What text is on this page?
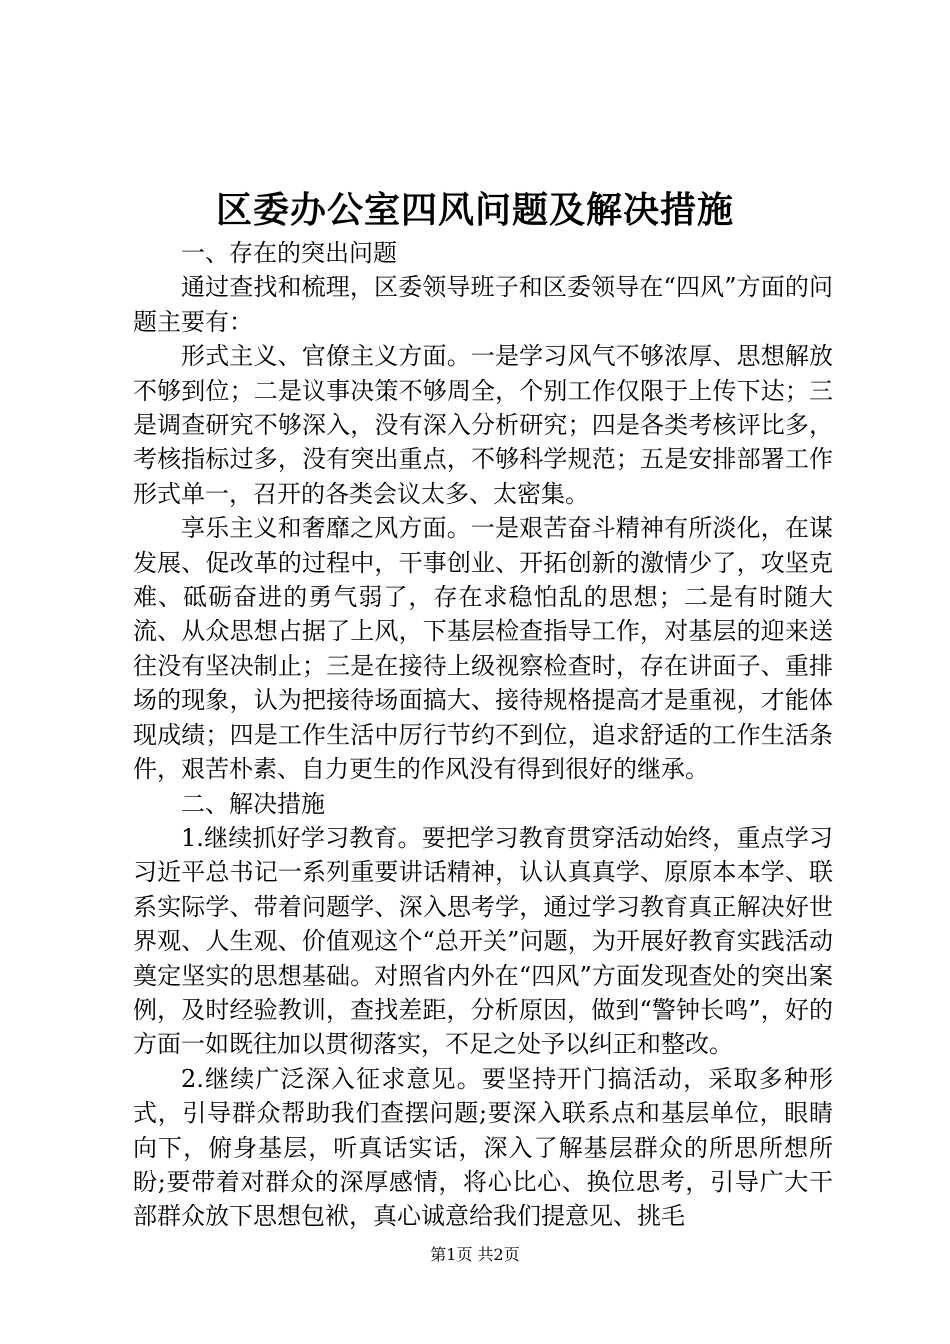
区委办公室四风问题及解决措施

一、存在的突出问题

通过查找和梳理，区委领导班子和区委领导在“四风”方面的问题主要有：

形式主义、官僚主义方面。一是学习风气不够浓厚、思想解放不够到位；二是议事决策不够周全，个别工作仅限于上传下达；三是调查研究不够深入，没有深入分析研究；四是各类考核评比多，考核指标过多，没有突出重点，不够科学规范；五是安排部署工作形式单一，召开的各类会议太多、太密集。

享乐主义和奢靡之风方面。一是艰苦奋斗精神有所淡化，在谋发展、促改革的过程中，干事创业、开拓创新的激情少了，攻坚克难、砥砺奋进的勇气弱了，存在求稳怕乱的思想；二是有时随大流、从众思想占据了上风，下基层检查指导工作，对基层的迎来送往没有坚决制止；三是在接待上级视察检查时，存在讲面子、重排场的现象，认为把接待场面搞大、接待规格提高才是重视，才能体现成绩；四是工作生活中厉行节约不到位，追求舒适的工作生活条件，艰苦朴素、自力更生的作风没有得到很好的继承。

二、解决措施

1.继续抓好学习教育。要把学习教育贯穿活动始终，重点学习习近平总书记一系列重要讲话精神，认认真真学、原原本本学、联系实际学、带着问题学、深入思考学，通过学习教育真正解决好世界观、人生观、价值观这个“总开关”问题，为开展好教育实践活动奠定坚实的思想基础。对照省内外在“四风”方面发现查处的突出案例，及时经验教训，查找差距，分析原因，做到“警钟长鸣”，好的方面一如既往加以贯彻落实，不足之处予以纠正和整改。

2.继续广泛深入征求意见。要坚持开门搞活动，采取多种形式，引导群众帮助我们查摆问题;要深入联系点和基层单位，眼睛向下，俯身基层，听真话实话，深入了解基层群众的所思所想所盼;要带着对群众的深厚感情，将心比心、换位思考，引导广大干部群众放下思想包袱，真心诚意给我们提意见、挑毛

第1页 共2页
